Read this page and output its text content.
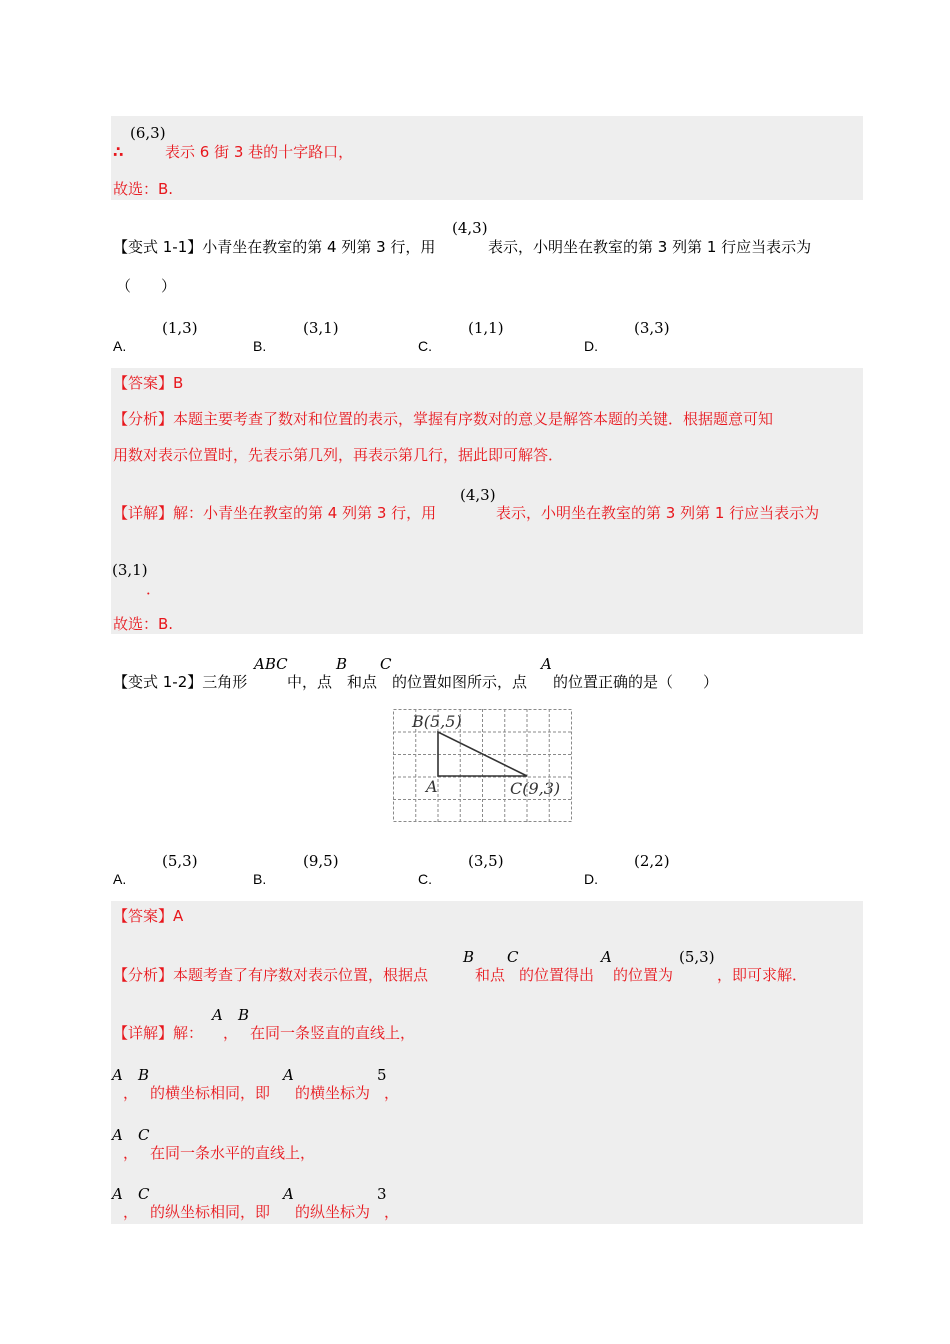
(6,3)
∴	表示 6 街 3 巷的十字路口，
故选：B.
【变式 1-1】小青坐在教室的第 4 列第 3 行，用
(4,3)
表示，小明坐在教室的第 3 列第 1 行应当表示为
（　　）
(1,3)
A.
(3,1)
B.
(1,1)
C.
(3,3)
D.
【答案】B
【分析】本题主要考查了数对和位置的表示，掌握有序数对的意义是解答本题的关键．根据题意可知
用数对表示位置时，先表示第几列，再表示第几行，据此即可解答．
【详解】解：小青坐在教室的第 4 列第 3 行，用
(4,3)
表示，小明坐在教室的第 3 列第 1 行应当表示为
(3,1)
．
故选：B.
【变式 1-2】三角形
ABC
中，点
B
和点
C
的位置如图所示，点
A
的位置正确的是（　　）
B(5,5)
A	C(9,3)
(5,3)
A.
(9,5)
B.
(3,5)
C.
(2,2)
D.
【答案】A
【分析】本题考查了有序数对表示位置，根据点
B
和点
C
的位置得出
A
的位置为
(5,3)
，即可求解．
【详解】解：
A B
， 在同一条竖直的直线上，
A B
， 的横坐标相同，即
A
的横坐标为
5
，
A C
， 在同一条水平的直线上，
A C
， 的纵坐标相同，即
A
的纵坐标为
3
，
